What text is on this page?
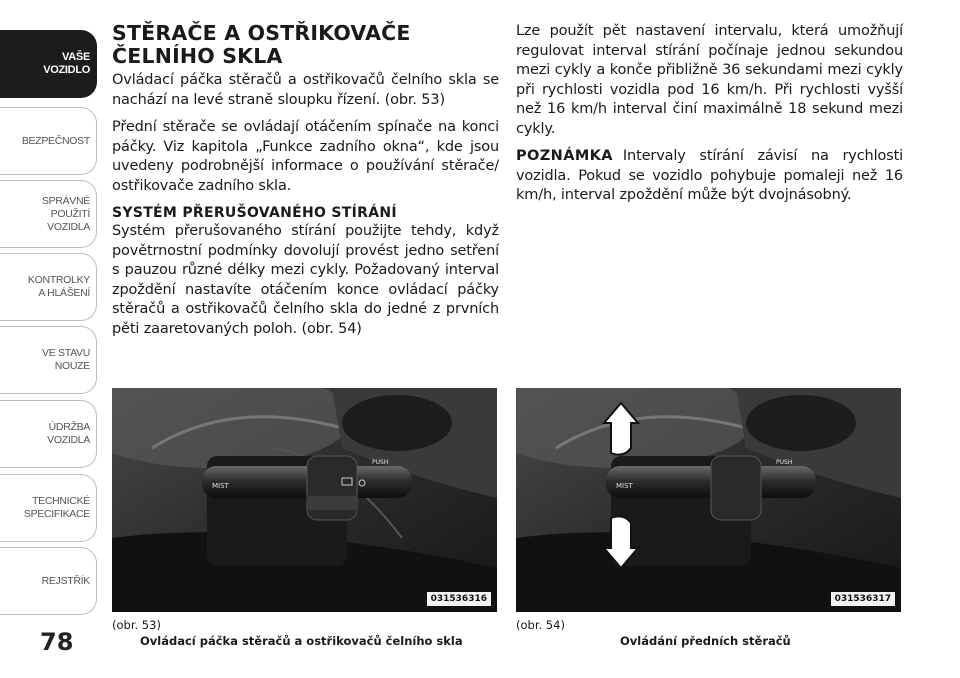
VAŠE
VOZIDLO
BEZPEČNOST
SPRÁVNÉ
POUŽITÍ
VOZIDLA
KONTROLKY
A HLÁŠENÍ
VE STAVU
NOUZE
ÚDRŽBA
VOZIDLA
TECHNICKÉ
SPECIFIKACE
REJSTŘÍK
78
STĚRAČE A OSTŘIKOVAČE ČELNÍHO SKLA

Ovládací páčka stěračů a ostřikovačů čelního skla se nachází na levé straně sloupku řízení. (obr. 53)

Přední stěrače se ovládají otáčením spínače na konci páčky. Viz kapitola „Funkce zadního okna“, kde jsou uvedeny podrobnější informace o používání stěrače/ ostřikovače zadního skla.

SYSTÉM PŘERUŠOVANÉHO STÍRÁNÍ

Systém přerušovaného stírání použijte tehdy, když povětrnostní podmínky dovolují provést jedno setření s pauzou různé délky mezi cykly. Požadovaný interval zpoždění nastavíte otáčením konce ovládací páčky stěračů a ostřikovačů čelního skla do jedné z prvních pěti zaaretovaných poloh. (obr. 54)

Lze použít pět nastavení intervalu, která umožňují regulovat interval stírání počínaje jednou sekundou mezi cykly a konče přibližně 36 sekundami mezi cykly při rychlosti vozidla pod 16 km/h. Při rychlosti vyšší než 16 km/h interval činí maximálně 18 sekund mezi cykly.

POZNÁMKA Intervaly stírání závisí na rychlosti vozidla. Pokud se vozidlo pohybuje pomaleji než 16 km/h, interval zpoždění může být dvojnásobný.

MIST
PUSH
031536316
(obr. 53)
Ovládací páčka stěračů a ostřikovačů čelního skla
MIST
PUSH
031536317
(obr. 54)
Ovládání předních stěračů
